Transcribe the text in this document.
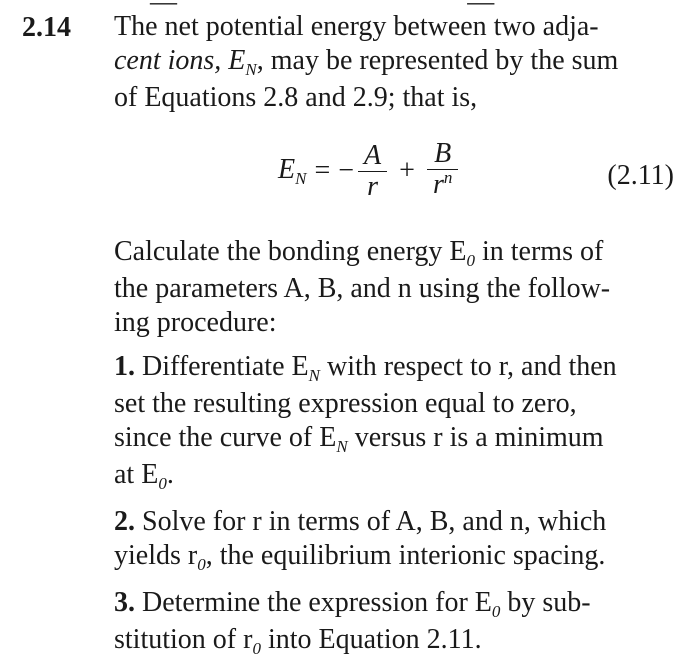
—                                           —
2.14 The net potential energy between two adja-
cent ions, $E_N$, may be represented by the sum
of Equations 2.8 and 2.9; that is,
$E_N$ = − $\frac{A}{r} + \frac{B}{r^n}$	(2.11)
Calculate the bonding energy $E_0$ in terms of
the parameters A, B, and n using the follow-
ing procedure:
1. Differentiate $E_N$ with respect to r, and then
set the resulting expression equal to zero,
since the curve of $E_N$ versus r is a minimum
at $E_0$.
2. Solve for r in terms of A, B, and n, which
yields $r_0$, the equilibrium interionic spacing.
3. Determine the expression for $E_0$ by sub-
stitution of $r_0$ into Equation 2.11.
